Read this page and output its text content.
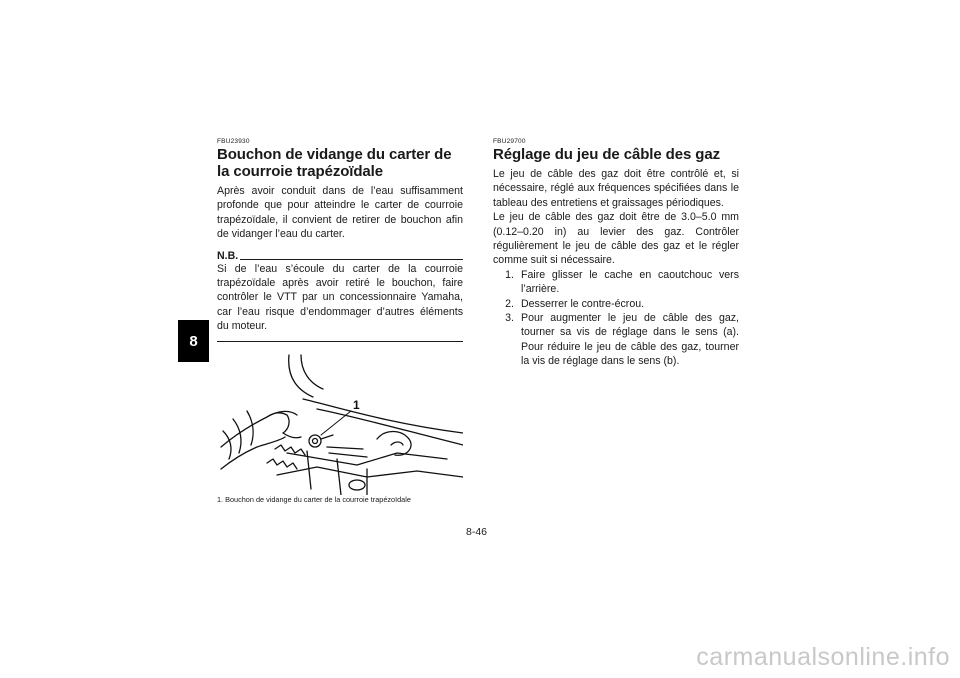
8
FBU23930
Bouchon de vidange du carter de la courroie trapézoïdale

Après avoir conduit dans de l’eau suffisamment profonde que pour atteindre le carter de courroie trapézoïdale, il convient de retirer de bouchon afin de vidanger l’eau du carter.

N.B.

Si de l’eau s’écoule du carter de la courroie trapézoïdale après avoir retiré le bouchon, faire contrôler le VTT par un concessionnaire Yamaha, car l’eau risque d’endommager d’autres éléments du moteur.

1
1. Bouchon de vidange du carter de la courroie trapézoïdale
FBU29700
Réglage du jeu de câble des gaz

Le jeu de câble des gaz doit être contrôlé et, si nécessaire, réglé aux fréquences spécifiées dans le tableau des entretiens et graissages périodiques.

Le jeu de câble des gaz doit être de 3.0–5.0 mm (0.12–0.20 in) au levier des gaz. Contrôler régulièrement le jeu de câble des gaz et le régler comme suit si nécessaire.

1. Faire glisser le cache en caoutchouc vers l’arrière.
2. Desserrer le contre-écrou.
3. Pour augmenter le jeu de câble des gaz, tourner sa vis de réglage dans le sens (a). Pour réduire le jeu de câble des gaz, tourner la vis de réglage dans le sens (b).
8-46
carmanualsonline.info
